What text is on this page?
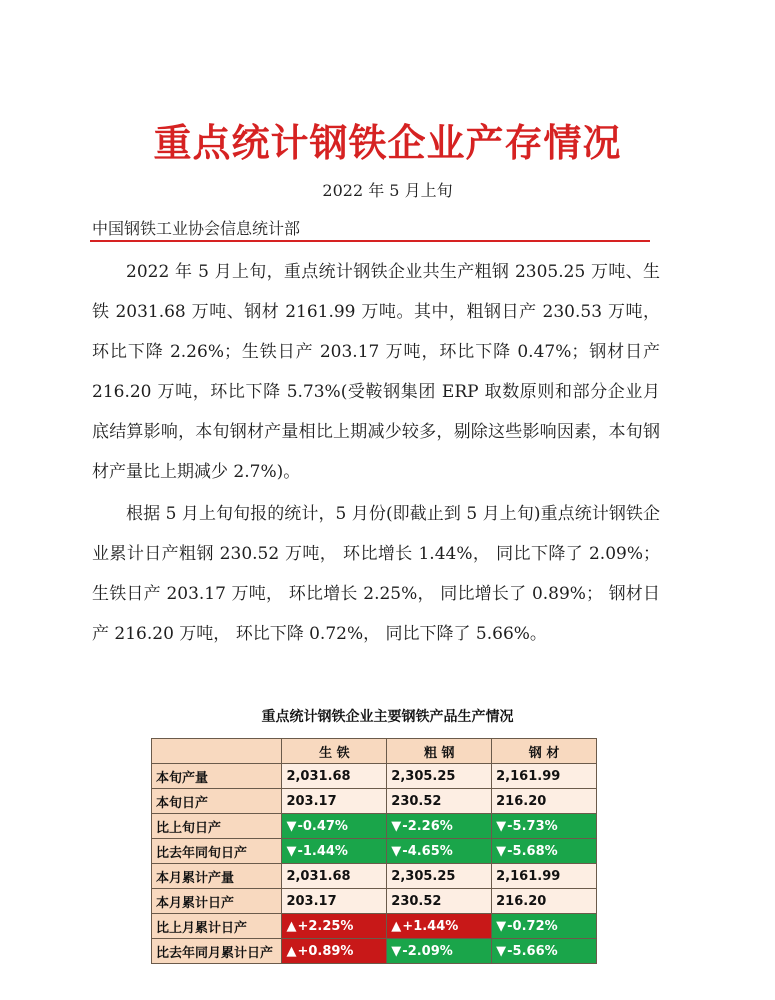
重点统计钢铁企业产存情况
2022 年 5 月上旬
中国钢铁工业协会信息统计部

2022 年 5 月上旬，重点统计钢铁企业共生产粗钢 2305.25 万吨、生铁 2031.68 万吨、钢材 2161.99 万吨。其中，粗钢日产 230.53 万吨，环比下降 2.26%；生铁日产 203.17 万吨，环比下降 0.47%；钢材日产 216.20 万吨，环比下降 5.73%(受鞍钢集团 ERP 取数原则和部分企业月底结算影响，本旬钢材产量相比上期减少较多，剔除这些影响因素，本旬钢材产量比上期减少 2.7%)。

根据 5 月上旬旬报的统计，5 月份(即截止到 5 月上旬)重点统计钢铁企业累计日产粗钢 230.52 万吨， 环比增长 1.44%， 同比下降了 2.09%； 生铁日产 203.17 万吨， 环比增长 2.25%， 同比增长了 0.89%； 钢材日产 216.20 万吨， 环比下降 0.72%， 同比下降了 5.66%。

重点统计钢铁企业主要钢铁产品生产情况
	生 铁	粗 钢	钢 材
本旬产量	2,031.68	2,305.25	2,161.99
本旬日产	203.17	230.52	216.20
比上旬日产	▼-0.47%	▼-2.26%	▼-5.73%
比去年同旬日产	▼-1.44%	▼-4.65%	▼-5.68%
本月累计产量	2,031.68	2,305.25	2,161.99
本月累计日产	203.17	230.52	216.20
比上月累计日产	▲+2.25%	▲+1.44%	▼-0.72%
比去年同月累计日产	▲+0.89%	▼-2.09%	▼-5.66%
